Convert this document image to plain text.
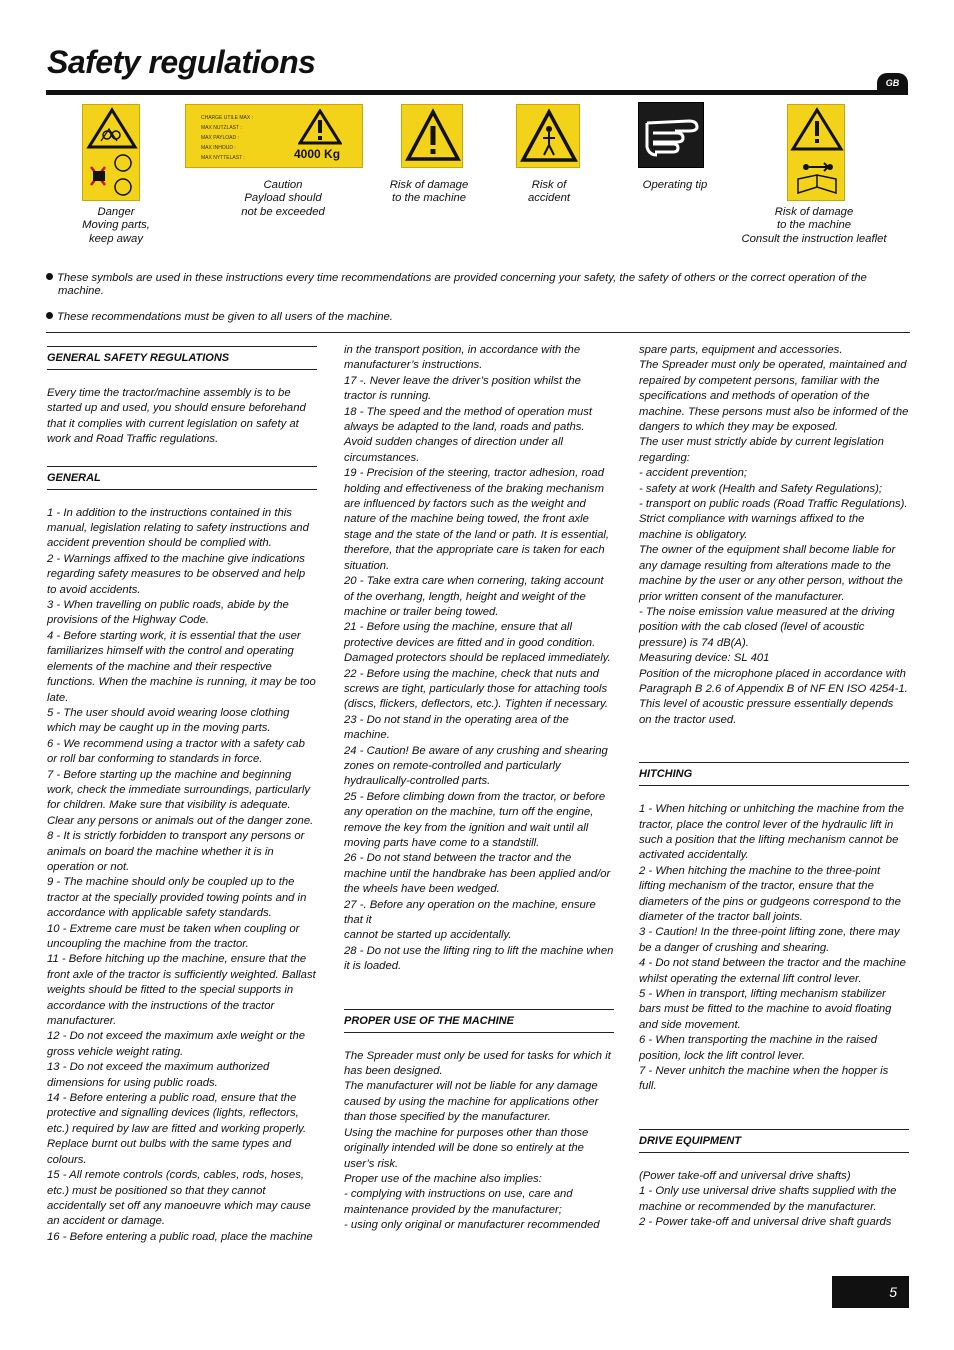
Safety regulations
GB
Danger
Moving parts,
keep away
CHARGE UTILE MAX :
MAX NUTZLAST :
MAX PAYLOAD :
MAX INHOUD :
MAX NYTTELAST :	4000 Kg
Caution
Payload should
not be exceeded
Risk of damage
to the machine
Risk of
accident
Operating tip
Risk of damage
to the machine
Consult the instruction leaflet
These symbols are used in these instructions every time recommendations are provided concerning your safety, the safety of others or the correct operation of the
machine.
These recommendations must be given to all users of the machine.
GENERAL SAFETY REGULATIONS

Every time the tractor/machine assembly is to be started up and used, you should ensure beforehand that it complies with current legislation on safety at work and Road Traffic regulations.

GENERAL

1 - In addition to the instructions contained in this manual, legislation relating to safety instructions and accident prevention should be complied with.

2 - Warnings affixed to the machine give indications regarding safety measures to be observed and help to avoid accidents.

3 - When travelling on public roads, abide by the provisions of the Highway Code.

4 - Before starting work, it is essential that the user familiarizes himself with the control and operating elements of the machine and their respective functions. When the machine is running, it may be too late.

5 - The user should avoid wearing loose clothing which may be caught up in the moving parts.

6 - We recommend using a tractor with a safety cab or roll bar conforming to standards in force.

7 - Before starting up the machine and beginning work, check the immediate surroundings, particularly for children. Make sure that visibility is adequate. Clear any persons or animals out of the danger zone.

8 - It is strictly forbidden to transport any persons or animals on board the machine whether it is in operation or not.

9 - The machine should only be coupled up to the tractor at the specially provided towing points and in accordance with applicable safety standards.

10 - Extreme care must be taken when coupling or uncoupling the machine from the tractor.

11 - Before hitching up the machine, ensure that the front axle of the tractor is sufficiently weighted. Ballast weights should be fitted to the special supports in accordance with the instructions of the tractor manufacturer.

12 - Do not exceed the maximum axle weight or the gross vehicle weight rating.

13 - Do not exceed the maximum authorized dimensions for using public roads.

14 - Before entering a public road, ensure that the protective and signalling devices (lights, reflectors, etc.) required by law are fitted and working properly. Replace burnt out bulbs with the same types and colours.

15 - All remote controls (cords, cables, rods, hoses, etc.) must be positioned so that they cannot accidentally set off any manoeuvre which may cause an accident or damage.

16 - Before entering a public road, place the machine

in the transport position, in accordance with the manufacturer’s instructions.

17 -. Never leave the driver’s position whilst the tractor is running.

18 - The speed and the method of operation must always be adapted to the land, roads and paths. Avoid sudden changes of direction under all circumstances.

19 - Precision of the steering, tractor adhesion, road holding and effectiveness of the braking mechanism are influenced by factors such as the weight and nature of the machine being towed, the front axle stage and the state of the land or path. It is essential, therefore, that the appropriate care is taken for each situation.

20 - Take extra care when cornering, taking account of the overhang, length, height and weight of the machine or trailer being towed.

21 - Before using the machine, ensure that all protective devices are fitted and in good condition. Damaged protectors should be replaced immediately.

22 - Before using the machine, check that nuts and screws are tight, particularly those for attaching tools (discs, flickers, deflectors, etc.). Tighten if necessary.

23 - Do not stand in the operating area of the machine.

24 - Caution! Be aware of any crushing and shearing zones on remote-controlled and particularly hydraulically-controlled parts.

25 - Before climbing down from the tractor, or before any operation on the machine, turn off the engine, remove the key from the ignition and wait until all moving parts have come to a standstill.

26 - Do not stand between the tractor and the machine until the handbrake has been applied and/or the wheels have been wedged.

27 -. Before any operation on the machine, ensure that it

cannot be started up accidentally.

28 - Do not use the lifting ring to lift the machine when it is loaded.

PROPER USE OF THE MACHINE

The Spreader must only be used for tasks for which it has been designed.

The manufacturer will not be liable for any damage caused by using the machine for applications other than those specified by the manufacturer.

Using the machine for purposes other than those originally intended will be done so entirely at the user’s risk.

Proper use of the machine also implies:

- complying with instructions on use, care and maintenance provided by the manufacturer;

- using only original or manufacturer recommended

spare parts, equipment and accessories.

The Spreader must only be operated, maintained and repaired by competent persons, familiar with the specifications and methods of operation of the machine. These persons must also be informed of the dangers to which they may be exposed.

The user must strictly abide by current legislation regarding:

- accident prevention;

- safety at work (Health and Safety Regulations);

- transport on public roads (Road Traffic Regulations).

Strict compliance with warnings affixed to the machine is obligatory.

The owner of the equipment shall become liable for any damage resulting from alterations made to the machine by the user or any other person, without the prior written consent of the manufacturer.

- The noise emission value measured at the driving position with the cab closed (level of acoustic pressure) is 74 dB(A).

Measuring device: SL 401

Position of the microphone placed in accordance with Paragraph B 2.6 of Appendix B of NF EN ISO 4254-1.

This level of acoustic pressure essentially depends on the tractor used.

HITCHING

1 - When hitching or unhitching the machine from the tractor, place the control lever of the hydraulic lift in such a position that the lifting mechanism cannot be activated accidentally.

2 - When hitching the machine to the three-point lifting mechanism of the tractor, ensure that the diameters of the pins or gudgeons correspond to the diameter of the tractor ball joints.

3 - Caution! In the three-point lifting zone, there may be a danger of crushing and shearing.

4 - Do not stand between the tractor and the machine whilst operating the external lift control lever.

5 - When in transport, lifting mechanism stabilizer bars must be fitted to the machine to avoid floating and side movement.

6 - When transporting the machine in the raised position, lock the lift control lever.

7 - Never unhitch the machine when the hopper is full.

DRIVE EQUIPMENT

(Power take-off and universal drive shafts)

1 - Only use universal drive shafts supplied with the machine or recommended by the manufacturer.

2 - Power take-off and universal drive shaft guards

5
